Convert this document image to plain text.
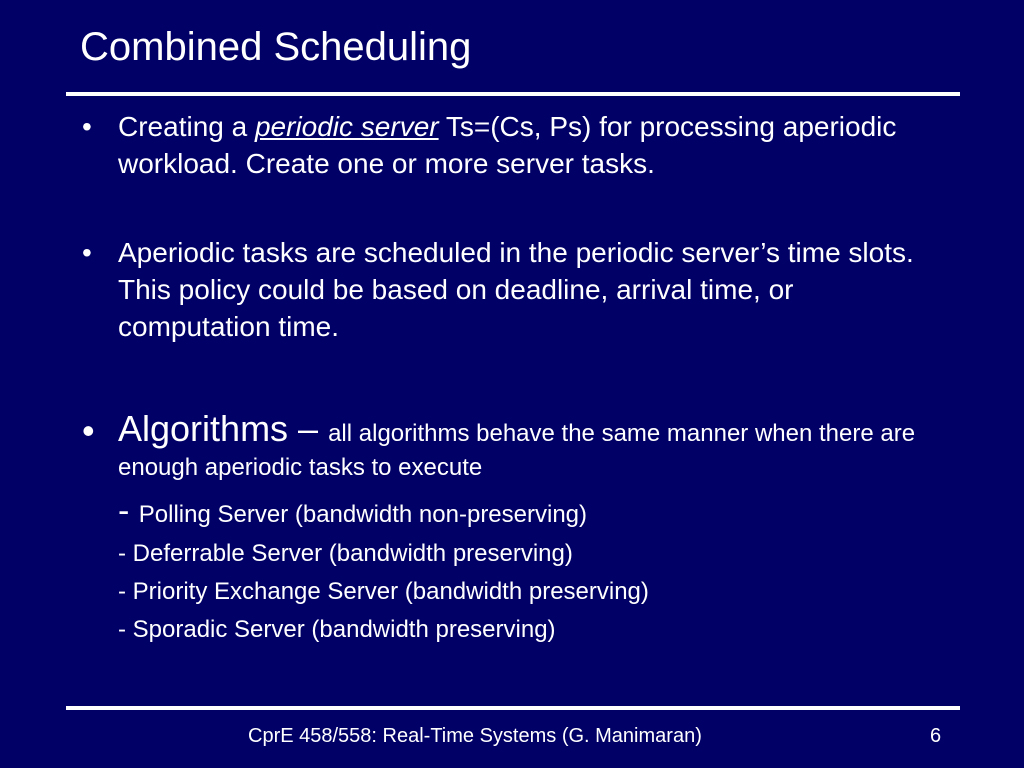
Combined Scheduling
• Creating a periodic server Ts=(Cs, Ps) for processing aperiodic workload. Create one or more server tasks.
• Aperiodic tasks are scheduled in the periodic server’s time slots. This policy could be based on deadline, arrival time, or computation time.
• Algorithms – all algorithms behave the same manner when there are enough aperiodic tasks to execute
- Polling Server (bandwidth non-preserving)
- Deferrable Server (bandwidth preserving)
- Priority Exchange Server (bandwidth preserving)
- Sporadic Server (bandwidth preserving)
CprE 458/558: Real-Time Systems (G. Manimaran)	6
